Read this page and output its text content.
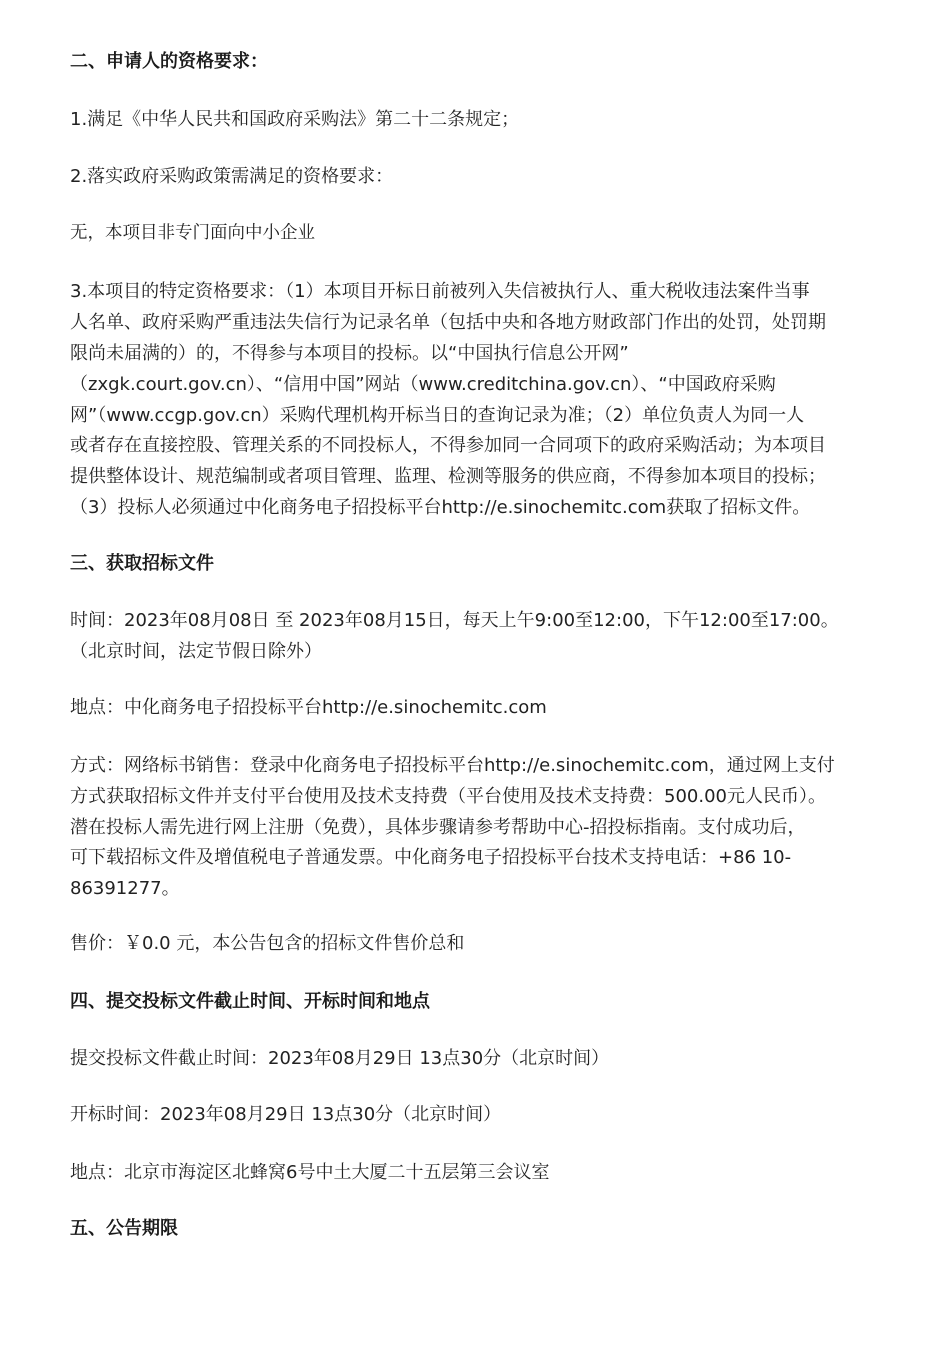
二、申请人的资格要求：
1.满足《中华人民共和国政府采购法》第二十二条规定；
2.落实政府采购政策需满足的资格要求：
无，本项目非专门面向中小企业
3.本项目的特定资格要求：（1）本项目开标日前被列入失信被执行人、重大税收违法案件当事
人名单、政府采购严重违法失信行为记录名单（包括中央和各地方财政部门作出的处罚，处罚期
限尚未届满的）的，不得参与本项目的投标。以“中国执行信息公开网”
（zxgk.court.gov.cn）、“信用中国”网站（www.creditchina.gov.cn）、“中国政府采购
网”（www.ccgp.gov.cn）采购代理机构开标当日的查询记录为准；（2）单位负责人为同一人
或者存在直接控股、管理关系的不同投标人，不得参加同一合同项下的政府采购活动；为本项目
提供整体设计、规范编制或者项目管理、监理、检测等服务的供应商，不得参加本项目的投标；
（3）投标人必须通过中化商务电子招投标平台http://e.sinochemitc.com获取了招标文件。
三、获取招标文件
时间：2023年08月08日 至 2023年08月15日，每天上午9:00至12:00，下午12:00至17:00。
（北京时间，法定节假日除外）
地点：中化商务电子招投标平台http://e.sinochemitc.com
方式：网络标书销售：登录中化商务电子招投标平台http://e.sinochemitc.com，通过网上支付
方式获取招标文件并支付平台使用及技术支持费（平台使用及技术支持费：500.00元人民币）。
潜在投标人需先进行网上注册（免费），具体步骤请参考帮助中心-招投标指南。支付成功后，
可下载招标文件及增值税电子普通发票。中化商务电子招投标平台技术支持电话：+86 10-
86391277。
售价：￥0.0 元，本公告包含的招标文件售价总和
四、提交投标文件截止时间、开标时间和地点
提交投标文件截止时间：2023年08月29日 13点30分（北京时间）
开标时间：2023年08月29日 13点30分（北京时间）
地点：北京市海淀区北蜂窝6号中土大厦二十五层第三会议室
五、公告期限
